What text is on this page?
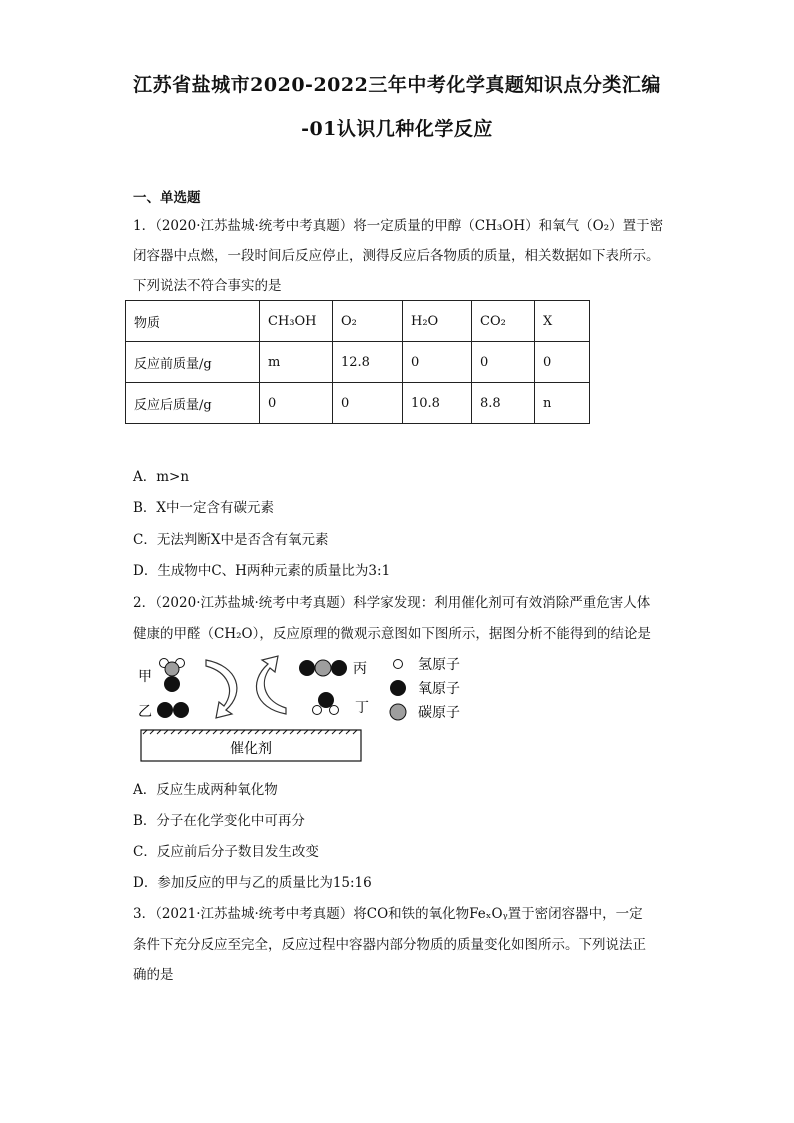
江苏省盐城市2020-2022三年中考化学真题知识点分类汇编
-01认识几种化学反应
一、单选题
1．（2020·江苏盐城·统考中考真题）将一定质量的甲醇（CH₃OH）和氧气（O₂）置于密
闭容器中点燃，一段时间后反应停止，测得反应后各物质的质量，相关数据如下表所示。
下列说法不符合事实的是
物质	CH₃OH	O₂	H₂O	CO₂	X
反应前质量/g	m	12.8	0	0	0
反应后质量/g	0	0	10.8	8.8	n
A．m>n
B．X中一定含有碳元素
C．无法判断X中是否含有氧元素
D．生成物中C、H两种元素的质量比为3:1
2．（2020·江苏盐城·统考中考真题）科学家发现：利用催化剂可有效消除严重危害人体
健康的甲醛（CH₂O），反应原理的微观示意图如下图所示，据图分析不能得到的结论是
甲
乙
丙
丁
氢原子
氧原子
碳原子
催化剂
A．反应生成两种氧化物
B．分子在化学变化中可再分
C．反应前后分子数目发生改变
D．参加反应的甲与乙的质量比为15:16
3．（2021·江苏盐城·统考中考真题）将CO和铁的氧化物FeₓOᵧ置于密闭容器中，一定
条件下充分反应至完全，反应过程中容器内部分物质的质量变化如图所示。下列说法正
确的是
